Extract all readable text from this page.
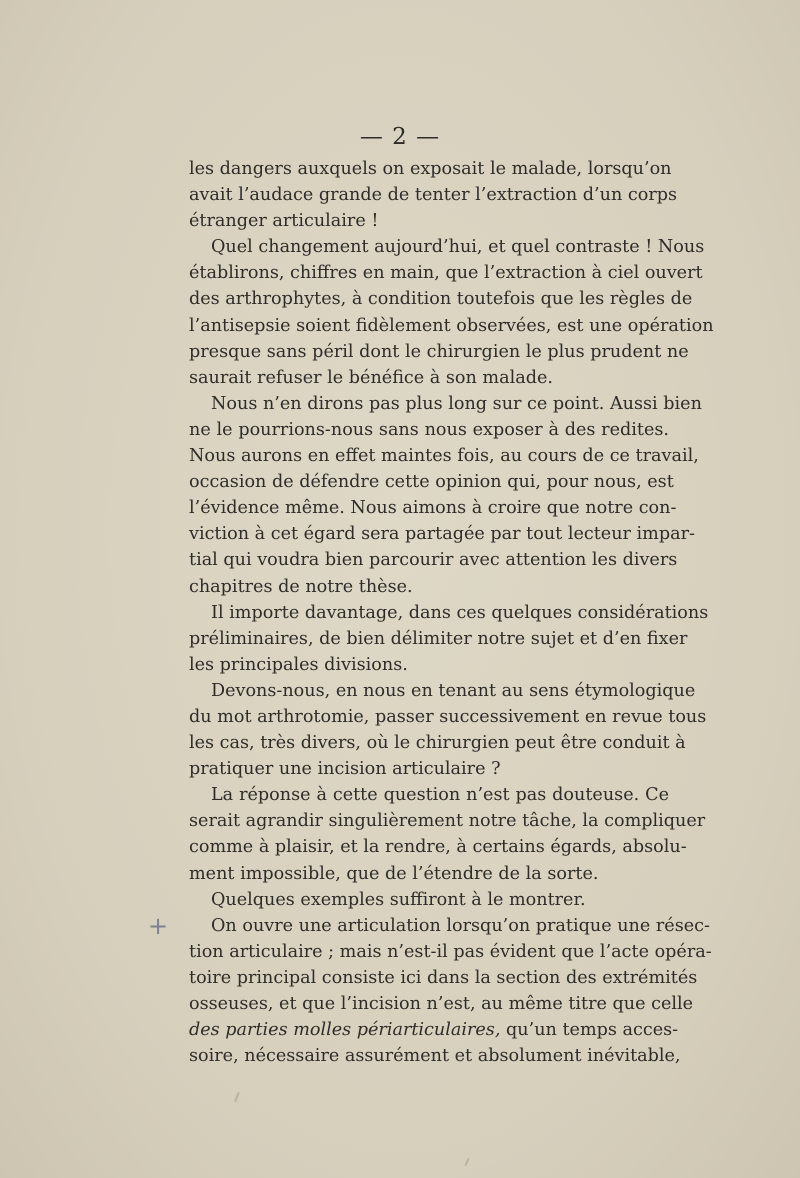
— 2 —
les dangers auxquels on exposait le malade, lorsqu’on
avait l’audace grande de tenter l’extraction d’un corps
étranger articulaire !
Quel changement aujourd’hui, et quel contraste ! Nous
établirons, chiffres en main, que l’extraction à ciel ouvert
des arthrophytes, à condition toutefois que les règles de
l’antisepsie soient fidèlement observées, est une opération
presque sans péril dont le chirurgien le plus prudent ne
saurait refuser le bénéfice à son malade.
Nous n’en dirons pas plus long sur ce point. Aussi bien
ne le pourrions-nous sans nous exposer à des redites.
Nous aurons en effet maintes fois, au cours de ce travail,
occasion de défendre cette opinion qui, pour nous, est
l’évidence même. Nous aimons à croire que notre con-
viction à cet égard sera partagée par tout lecteur impar-
tial qui voudra bien parcourir avec attention les divers
chapitres de notre thèse.
Il importe davantage, dans ces quelques considérations
préliminaires, de bien délimiter notre sujet et d’en fixer
les principales divisions.
Devons-nous, en nous en tenant au sens étymologique
du mot arthrotomie, passer successivement en revue tous
les cas, très divers, où le chirurgien peut être conduit à
pratiquer une incision articulaire ?
La réponse à cette question n’est pas douteuse. Ce
serait agrandir singulièrement notre tâche, la compliquer
comme à plaisir, et la rendre, à certains égards, absolu-
ment impossible, que de l’étendre de la sorte.
Quelques exemples suffiront à le montrer.
On ouvre une articulation lorsqu’on pratique une résec-
tion articulaire ; mais n’est-il pas évident que l’acte opéra-
toire principal consiste ici dans la section des extrémités
osseuses, et que l’incision n’est, au même titre que celle
des parties molles périarticulaires, qu’un temps acces-
soire, nécessaire assurément et absolument inévitable,
+
